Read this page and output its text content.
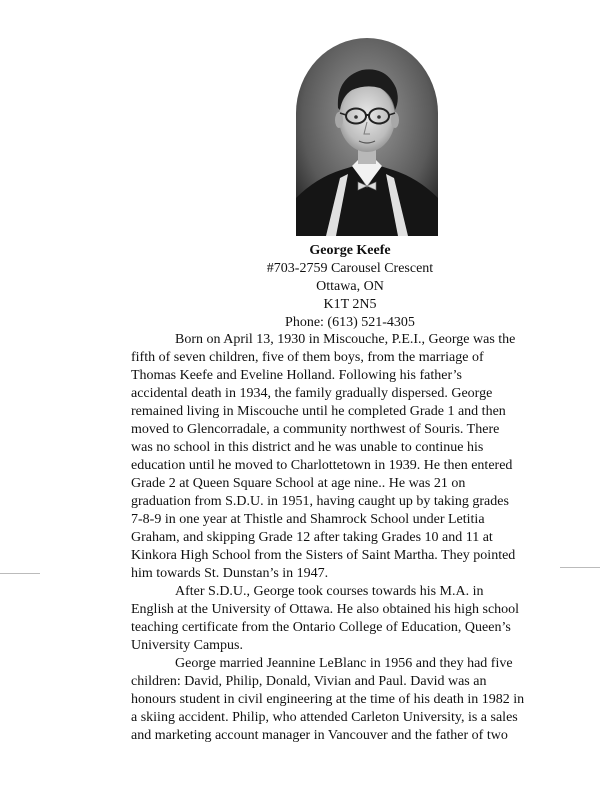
George Keefe
#703-2759 Carousel Crescent
Ottawa, ON
K1T 2N5
Phone: (613) 521-4305
Born on April 13, 1930 in Miscouche, P.E.I., George was the
fifth of seven children, five of them boys, from the marriage of
Thomas Keefe and Eveline Holland. Following his father’s
accidental death in 1934, the family gradually dispersed. George
remained living in Miscouche until he completed Grade 1 and then
moved to Glencorradale, a community northwest of Souris. There
was no school in this district and he was unable to continue his
education until he moved to Charlottetown in 1939. He then entered
Grade 2 at Queen Square School at age nine.. He was 21 on
graduation from S.D.U. in 1951, having caught up by taking grades
7-8-9 in one year at Thistle and Shamrock School under Letitia
Graham, and skipping Grade 12 after taking Grades 10 and 11 at
Kinkora High School from the Sisters of Saint Martha. They pointed
him towards St. Dunstan’s in 1947.
After S.D.U., George took courses towards his M.A. in
English at the University of Ottawa. He also obtained his high school
teaching certificate from the Ontario College of Education, Queen’s
University Campus.
George married Jeannine LeBlanc in 1956 and they had five
children: David, Philip, Donald, Vivian and Paul. David was an
honours student in civil engineering at the time of his death in 1982 in
a skiing accident. Philip, who attended Carleton University, is a sales
and marketing account manager in Vancouver and the father of two
